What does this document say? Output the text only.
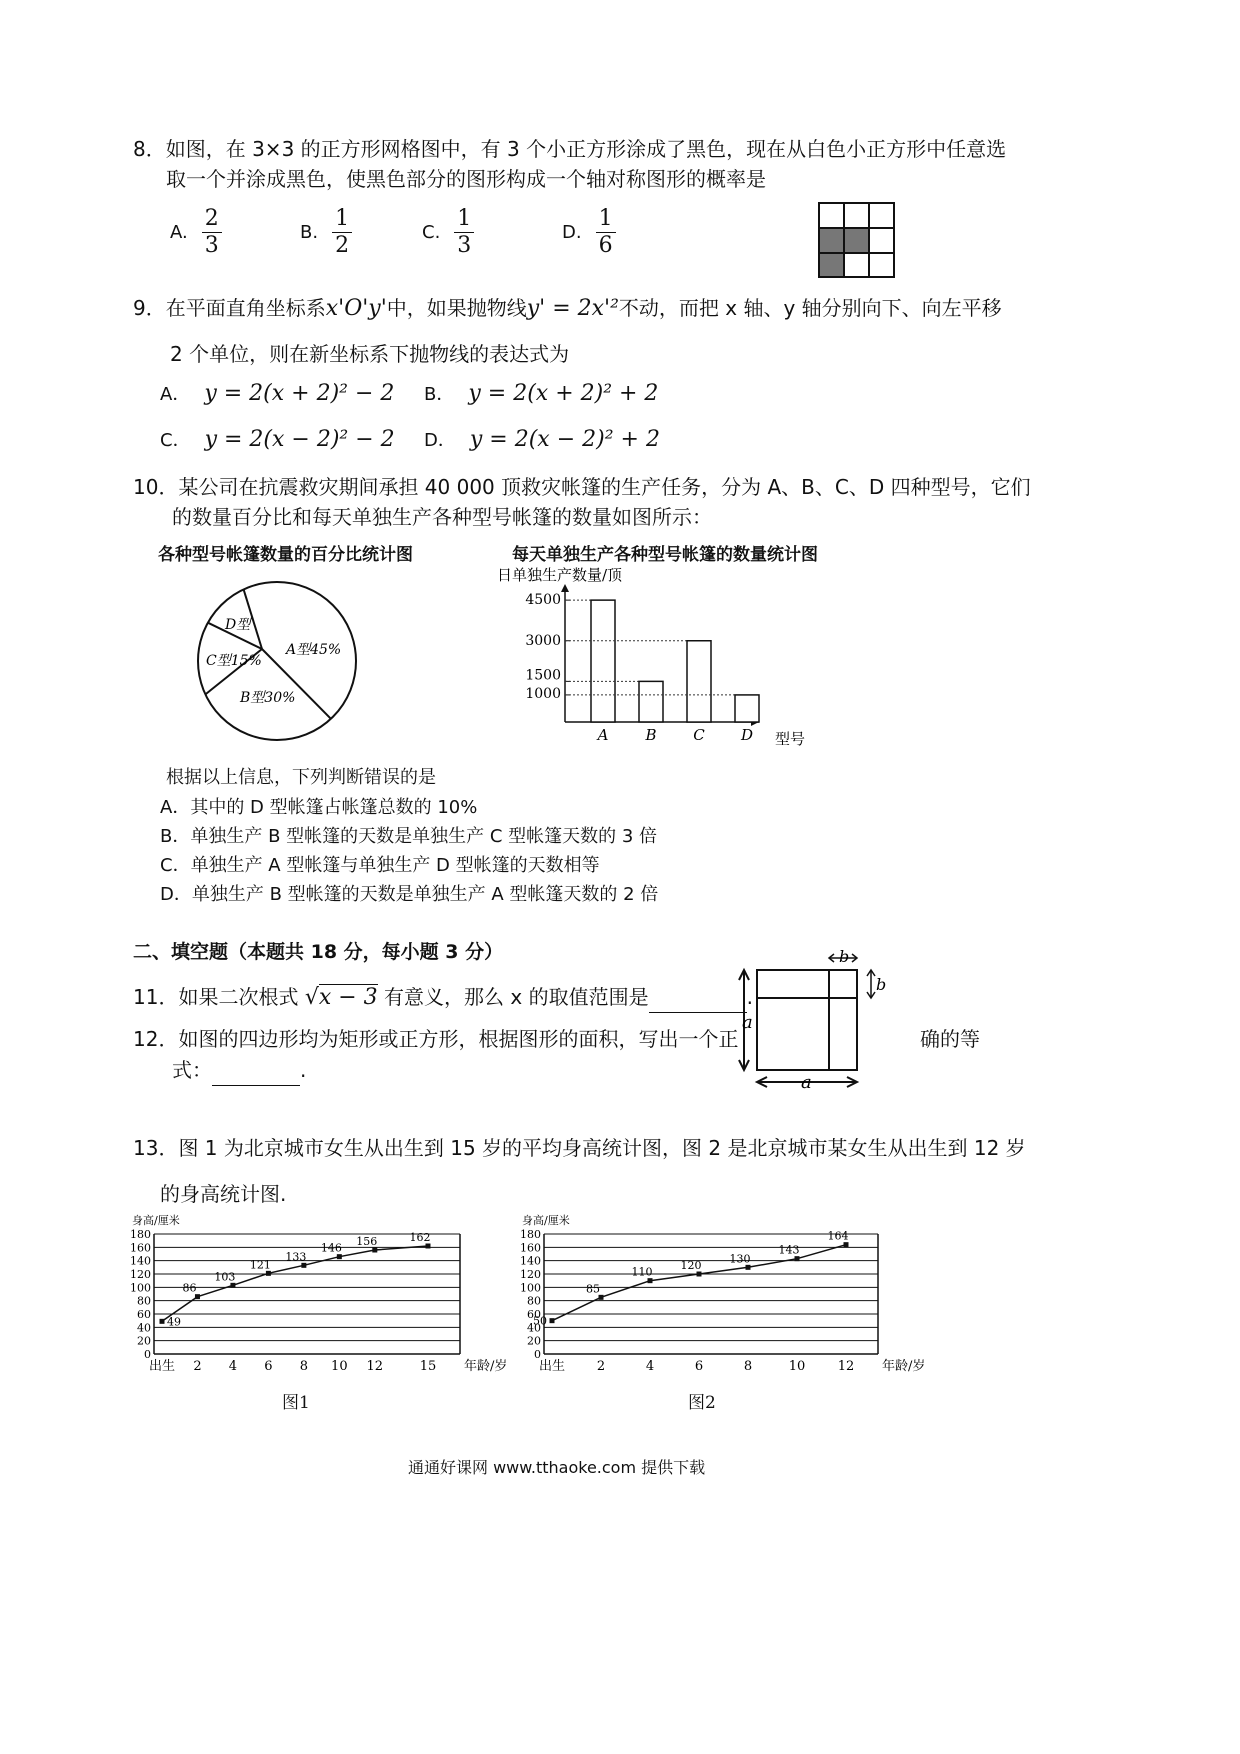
8．如图，在 3×3 的正方形网格图中，有 3 个小正方形涂成了黑色，现在从白色小正方形中任意选
取一个并涂成黑色，使黑色部分的图形构成一个轴对称图形的概率是
A. $\frac{2}{3}$	B. $\frac{1}{2}$	C. $\frac{1}{3}$	D. $\frac{1}{6}$
9．在平面直角坐标系x'O'y'中，如果抛物线y' = 2x'²不动，而把 x 轴、y 轴分别向下、向左平移
2 个单位，则在新坐标系下抛物线的表达式为
A． y = 2(x + 2)² − 2 B． y = 2(x + 2)² + 2
C． y = 2(x − 2)² − 2 D． y = 2(x − 2)² + 2
10．某公司在抗震救灾期间承担 40 000 顶救灾帐篷的生产任务，分为 A、B、C、D 四种型号，它们
的数量百分比和每天单独生产各种型号帐篷的数量如图所示：
各种型号帐篷数量的百分比统计图	每天单独生产各种型号帐篷的数量统计图
D型
C型15%
A型45%
B型30%
日单独生产数量/顶
1000
1500
3000
4500
A B C D 型号
根据以上信息，下列判断错误的是
A．其中的 D 型帐篷占帐篷总数的 10%
B．单独生产 B 型帐篷的天数是单独生产 C 型帐篷天数的 3 倍
C．单独生产 A 型帐篷与单独生产 D 型帐篷的天数相等
D．单独生产 B 型帐篷的天数是单独生产 A 型帐篷天数的 2 倍
二、填空题（本题共 18 分，每小题 3 分）
11．如果二次根式 √x − 3 有意义，那么 x 的取值范围是	.
12．如图的四边形均为矩形或正方形，根据图形的面积，写出一个正	确的等
式：	.
a
a
b
b
13．图 1 为北京城市女生从出生到 15 岁的平均身高统计图，图 2 是北京城市某女生从出生到 12 岁
的身高统计图.
身高/厘米
0
20
40
60
80
100
120
140
160
180
出生 2 4 6 8 10 12	15
49
86
103
121
133
146
156	162
年龄/岁
身高/厘米
0
20
40
60
80
100
120
140
160
180
出生 2	4	6	8	10 12
50
85
110
120
130
143
164
年龄/岁
图1	图2
通通好课网 www.tthaoke.com 提供下载
